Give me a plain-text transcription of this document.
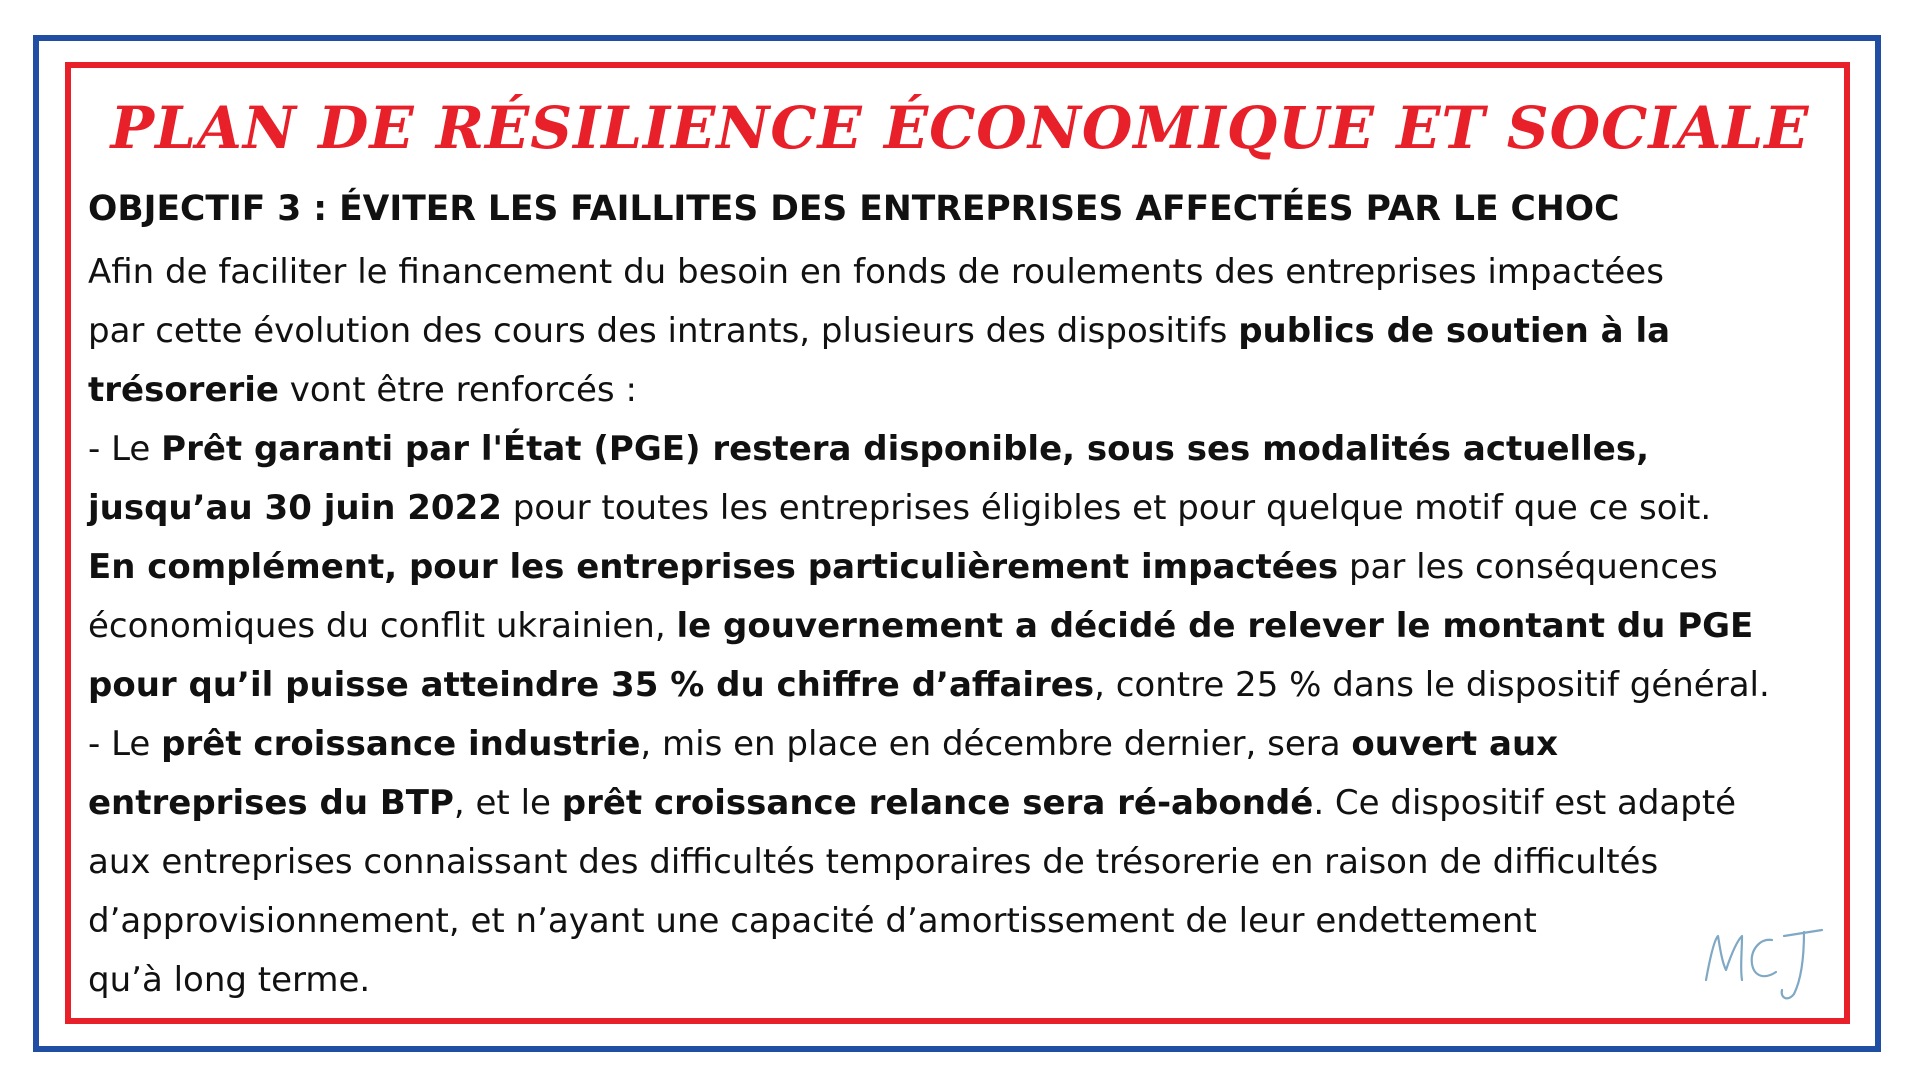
PLAN DE RÉSILIENCE ÉCONOMIQUE ET SOCIALE
OBJECTIF 3 : ÉVITER LES FAILLITES DES ENTREPRISES AFFECTÉES PAR LE CHOC
Afin de faciliter le financement du besoin en fonds de roulements des entreprises impactées
par cette évolution des cours des intrants, plusieurs des dispositifs publics de soutien à la
trésorerie vont être renforcés :
- Le Prêt garanti par l'État (PGE) restera disponible, sous ses modalités actuelles,
jusqu’au 30 juin 2022 pour toutes les entreprises éligibles et pour quelque motif que ce soit.
En complément, pour les entreprises particulièrement impactées par les conséquences
économiques du conflit ukrainien, le gouvernement a décidé de relever le montant du PGE
pour qu’il puisse atteindre 35 % du chiffre d’affaires, contre 25 % dans le dispositif général.
- Le prêt croissance industrie, mis en place en décembre dernier, sera ouvert aux
entreprises du BTP, et le prêt croissance relance sera ré-abondé. Ce dispositif est adapté
aux entreprises connaissant des difficultés temporaires de trésorerie en raison de difficultés
d’approvisionnement, et n’ayant une capacité d’amortissement de leur endettement
qu’à long terme.
MCJ
